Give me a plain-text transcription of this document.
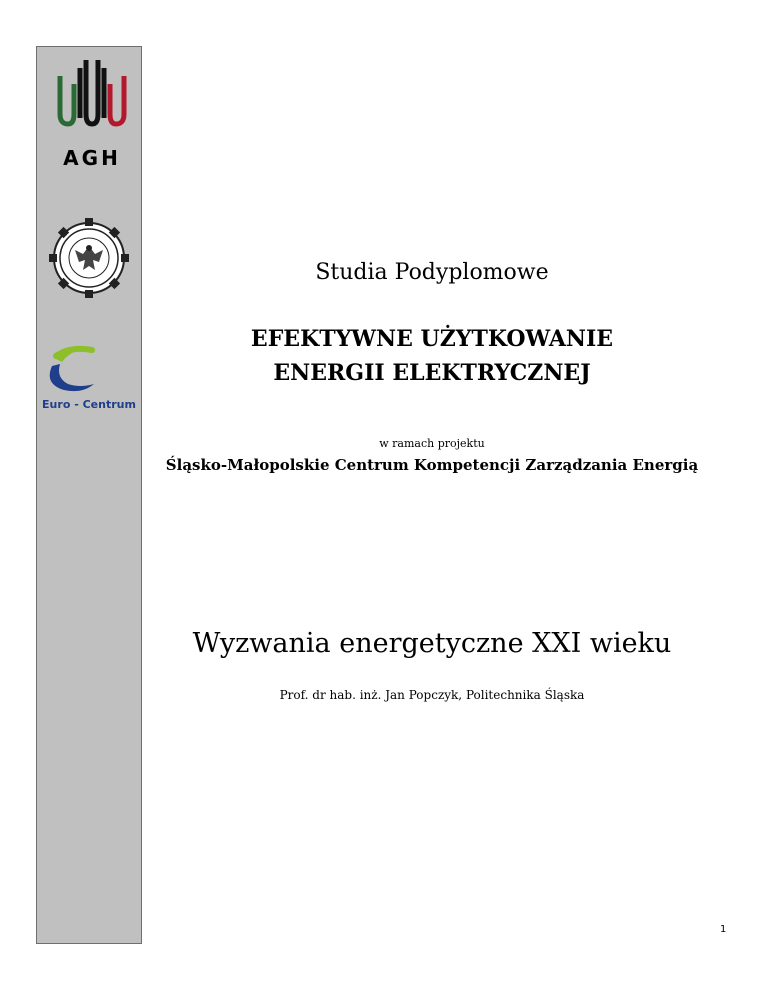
AGH
Euro - Centrum
Studia Podyplomowe
EFEKTYWNE UŻYTKOWANIE
ENERGII ELEKTRYCZNEJ
w ramach projektu
Śląsko-Małopolskie Centrum Kompetencji Zarządzania Energią
Wyzwania energetyczne XXI wieku
Prof. dr hab. inż. Jan Popczyk, Politechnika Śląska
1
